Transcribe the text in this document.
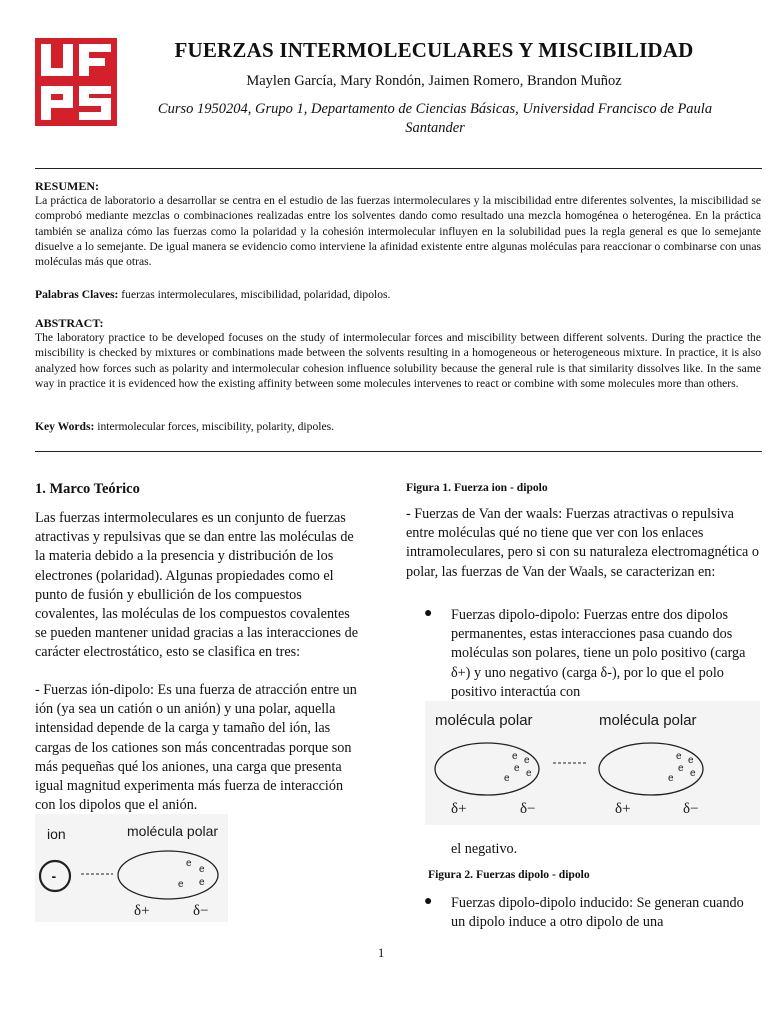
FUERZAS INTERMOLECULARES Y MISCIBILIDAD
Maylen García, Mary Rondón, Jaimen Romero, Brandon Muñoz
Curso 1950204, Grupo 1, Departamento de Ciencias Básicas, Universidad Francisco de Paula Santander
RESUMEN:
La práctica de laboratorio a desarrollar se centra en el estudio de las fuerzas intermoleculares y la miscibilidad entre diferentes solventes, la miscibilidad se comprobó mediante mezclas o combinaciones realizadas entre los solventes dando como resultado una mezcla homogénea o heterogénea. En la práctica también se analiza cómo las fuerzas como la polaridad y la cohesión intermolecular influyen en la solubilidad pues la regla general es que lo semejante disuelve a lo semejante. De igual manera se evidencio como interviene la afinidad existente entre algunas moléculas para reaccionar o combinarse con unas moléculas más que otras.
Palabras Claves: fuerzas intermoleculares, miscibilidad, polaridad, dipolos.
ABSTRACT:
The laboratory practice to be developed focuses on the study of intermolecular forces and miscibility between different solvents. During the practice the miscibility is checked by mixtures or combinations made between the solvents resulting in a homogeneous or heterogeneous mixture. In practice, it is also analyzed how forces such as polarity and intermolecular cohesion influence solubility because the general rule is that similarity dissolves like. In the same way in practice it is evidenced how the existing affinity between some molecules intervenes to react or combine with some molecules more than others.
Key Words: intermolecular forces, miscibility, polarity, dipoles.
1. Marco Teórico
Las fuerzas intermoleculares es un conjunto de fuerzas atractivas y repulsivas que se dan entre las moléculas de la materia debido a la presencia y distribución de los electrones (polaridad). Algunas propiedades como el punto de fusión y ebullición de los compuestos covalentes, las moléculas de los compuestos covalentes se pueden mantener unidad gracias a las interacciones de carácter electrostático, esto se clasifica en tres:
- Fuerzas ión-dipolo: Es una fuerza de atracción entre un ión (ya sea un catión o un anión) y una polar, aquella intensidad depende de la carga y tamaño del ión, las cargas de los cationes son más concentradas porque son más pequeñas qué los aniones, una carga que presenta igual magnitud experimenta más fuerza de interacción con los dipolos que el anión.
ion	molécula polar
-
e
e
e e
δ+	δ−
Figura 1. Fuerza ion - dipolo
- Fuerzas de Van der waals: Fuerzas atractivas o repulsiva entre moléculas qué no tiene que ver con los enlaces intramoleculares, pero si con su naturaleza electromagnética o polar, las fuerzas de Van der Waals, se caracterizan en:
● Fuerzas dipolo-dipolo: Fuerzas entre dos dipolos permanentes, estas interacciones pasa cuando dos moléculas son polares, tiene un polo positivo (carga δ+) y uno negativo (carga δ-), por lo que el polo positivo interactúa con
molécula polar	molécula polar
e e
e e
e
e e
e e
e
δ+	δ−	δ+	δ−
el negativo.
Figura 2. Fuerzas dipolo - dipolo
● Fuerzas dipolo-dipolo inducido: Se generan cuando un dipolo induce a otro dipolo de una
1
